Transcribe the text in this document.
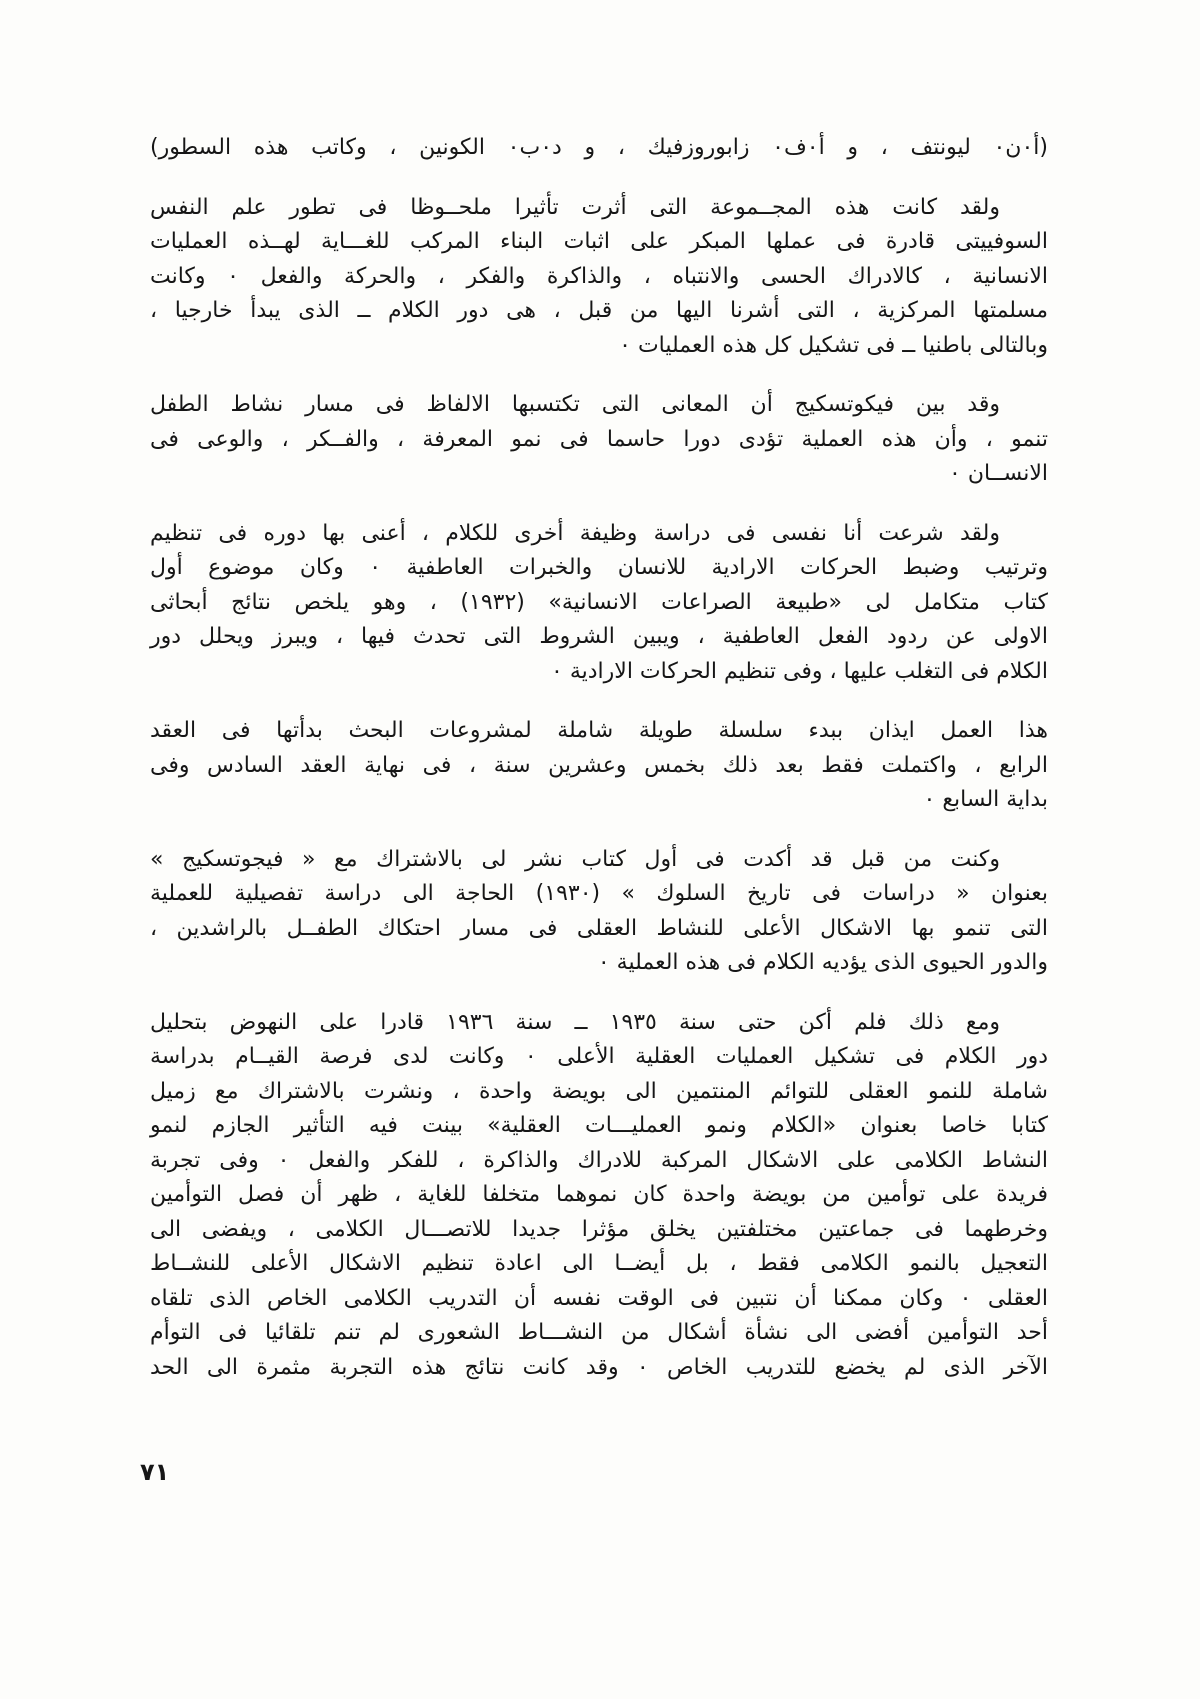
(أ٠ن٠ ليونتف ، و أ٠ف٠ زابوروزفيك ، و د٠ب٠ الكونين ، وكاتب هذه السطور)
ولقد كانت هذه المجــموعة التى أثرت تأثيرا ملحــوظا فى تطور علم النفس
السوفييتى قادرة فى عملها المبكر على اثبات البناء المركب للغـــاية لهــذه العمليات
الانسانية ، كالادراك الحسى والانتباه ، والذاكرة والفكر ، والحركة والفعل ٠ وكانت
مسلمتها المركزية ، التى أشرنا اليها من قبل ، هى دور الكلام ــ الذى يبدأ خارجيا ،
وبالتالى باطنيا ــ فى تشكيل كل هذه العمليات ٠
وقد بين فيكوتسكيج أن المعانى التى تكتسبها الالفاظ فى مسار نشاط الطفل
تنمو ، وأن هذه العملية تؤدى دورا حاسما فى نمو المعرفة ، والفــكر ، والوعى فى
الانســان ٠
ولقد شرعت أنا نفسى فى دراسة وظيفة أخرى للكلام ، أعنى بها دوره فى تنظيم
وترتيب وضبط الحركات الارادية للانسان والخبرات العاطفية ٠ وكان موضوع أول
كتاب متكامل لى «طبيعة الصراعات الانسانية» (١٩٣٢) ، وهو يلخص نتائج أبحاثى
الاولى عن ردود الفعل العاطفية ، ويبين الشروط التى تحدث فيها ، ويبرز ويحلل دور
الكلام فى التغلب عليها ، وفى تنظيم الحركات الارادية ٠
هذا العمل ايذان ببدء سلسلة طويلة شاملة لمشروعات البحث بدأتها فى العقد
الرابع ، واكتملت فقط بعد ذلك بخمس وعشرين سنة ، فى نهاية العقد السادس وفى
بداية السابع ٠
وكنت من قبل قد أكدت فى أول كتاب نشر لى بالاشتراك مع « فيجوتسكيج »
بعنوان « دراسات فى تاريخ السلوك » (١٩٣٠) الحاجة الى دراسة تفصيلية للعملية
التى تنمو بها الاشكال الأعلى للنشاط العقلى فى مسار احتكاك الطفــل بالراشدين ،
والدور الحيوى الذى يؤديه الكلام فى هذه العملية ٠
ومع ذلك فلم أكن حتى سنة ١٩٣٥ ــ سنة ١٩٣٦ قادرا على النهوض بتحليل
دور الكلام فى تشكيل العمليات العقلية الأعلى ٠ وكانت لدى فرصة القيــام بدراسة
شاملة للنمو العقلى للتوائم المنتمين الى بويضة واحدة ، ونشرت بالاشتراك مع زميل
كتابا خاصا بعنوان «الكلام ونمو العمليـــات العقلية» بينت فيه التأثير الجازم لنمو
النشاط الكلامى على الاشكال المركبة للادراك والذاكرة ، للفكر والفعل ٠ وفى تجربة
فريدة على توأمين من بويضة واحدة كان نموهما متخلفا للغاية ، ظهر أن فصل التوأمين
وخرطهما فى جماعتين مختلفتين يخلق مؤثرا جديدا للاتصـــال الكلامى ، ويفضى الى
التعجيل بالنمو الكلامى فقط ، بل أيضــا الى اعادة تنظيم الاشكال الأعلى للنشــاط
العقلى ٠ وكان ممكنا أن نتبين فى الوقت نفسه أن التدريب الكلامى الخاص الذى تلقاه
أحد التوأمين أفضى الى نشأة أشكال من النشـــاط الشعورى لم تنم تلقائيا فى التوأم
الآخر الذى لم يخضع للتدريب الخاص ٠ وقد كانت نتائج هذه التجربة مثمرة الى الحد
٧١
